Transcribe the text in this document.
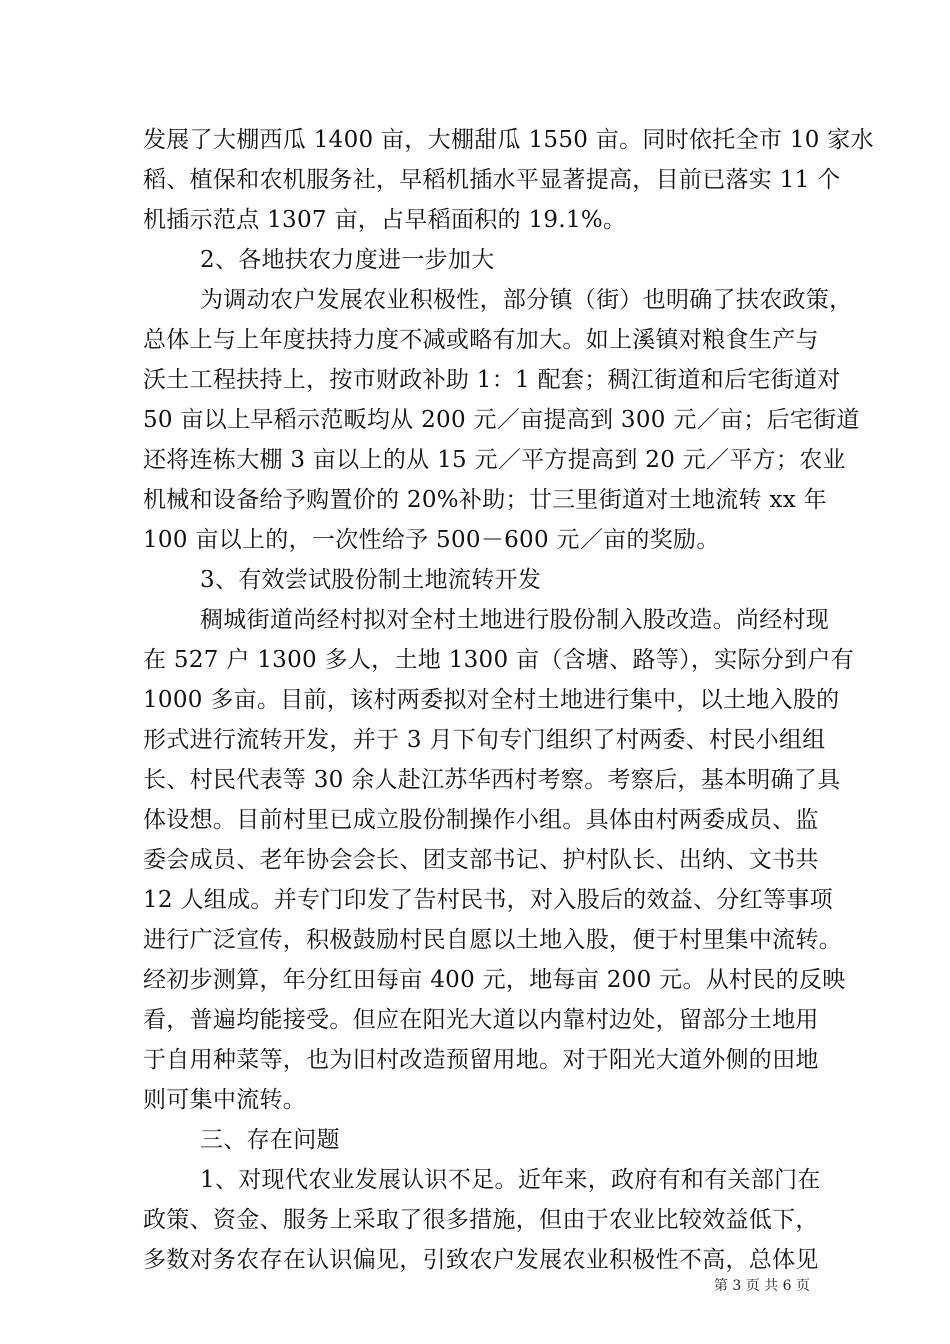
发展了大棚西瓜 1400 亩，大棚甜瓜 1550 亩。同时依托全市 10 家水
稻、植保和农机服务社，早稻机插水平显著提高，目前已落实 11 个
机插示范点 1307 亩，占早稻面积的 19.1%。
2、各地扶农力度进一步加大
为调动农户发展农业积极性，部分镇（街）也明确了扶农政策，
总体上与上年度扶持力度不减或略有加大。如上溪镇对粮食生产与
沃土工程扶持上，按市财政补助 1：1 配套；稠江街道和后宅街道对
50 亩以上早稻示范畈均从 200 元／亩提高到 300 元／亩；后宅街道
还将连栋大棚 3 亩以上的从 15 元／平方提高到 20 元／平方；农业
机械和设备给予购置价的 20%补助；廿三里街道对土地流转 xx 年
100 亩以上的，一次性给予 500－600 元／亩的奖励。
3、有效尝试股份制土地流转开发
稠城街道尚经村拟对全村土地进行股份制入股改造。尚经村现
在 527 户 1300 多人，土地 1300 亩（含塘、路等），实际分到户有
1000 多亩。目前，该村两委拟对全村土地进行集中，以土地入股的
形式进行流转开发，并于 3 月下旬专门组织了村两委、村民小组组
长、村民代表等 30 余人赴江苏华西村考察。考察后，基本明确了具
体设想。目前村里已成立股份制操作小组。具体由村两委成员、监
委会成员、老年协会会长、团支部书记、护村队长、出纳、文书共
12 人组成。并专门印发了告村民书，对入股后的效益、分红等事项
进行广泛宣传，积极鼓励村民自愿以土地入股，便于村里集中流转。
经初步测算，年分红田每亩 400 元，地每亩 200 元。从村民的反映
看，普遍均能接受。但应在阳光大道以内靠村边处，留部分土地用
于自用种菜等，也为旧村改造预留用地。对于阳光大道外侧的田地
则可集中流转。
三、存在问题
1、对现代农业发展认识不足。近年来，政府有和有关部门在
政策、资金、服务上采取了很多措施，但由于农业比较效益低下，
多数对务农存在认识偏见，引致农户发展农业积极性不高，总体见
第 3 页 共 6 页
